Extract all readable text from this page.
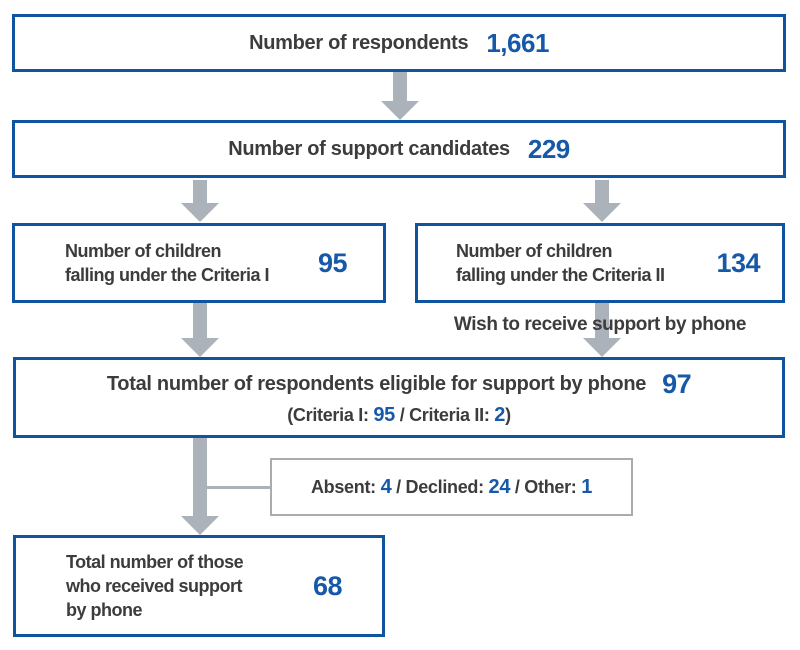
Number of respondents 1,661
Number of support candidates 229
Number of children
falling under the Criteria I 95	Number of children
falling under the Criteria II 134
Wish to receive support by phone
Total number of respondents eligible for support by phone 97
(Criteria I: 95 / Criteria II: 2)
Absent: 4 / Declined: 24 / Other: 1
Total number of those
who received support
by phone
68
